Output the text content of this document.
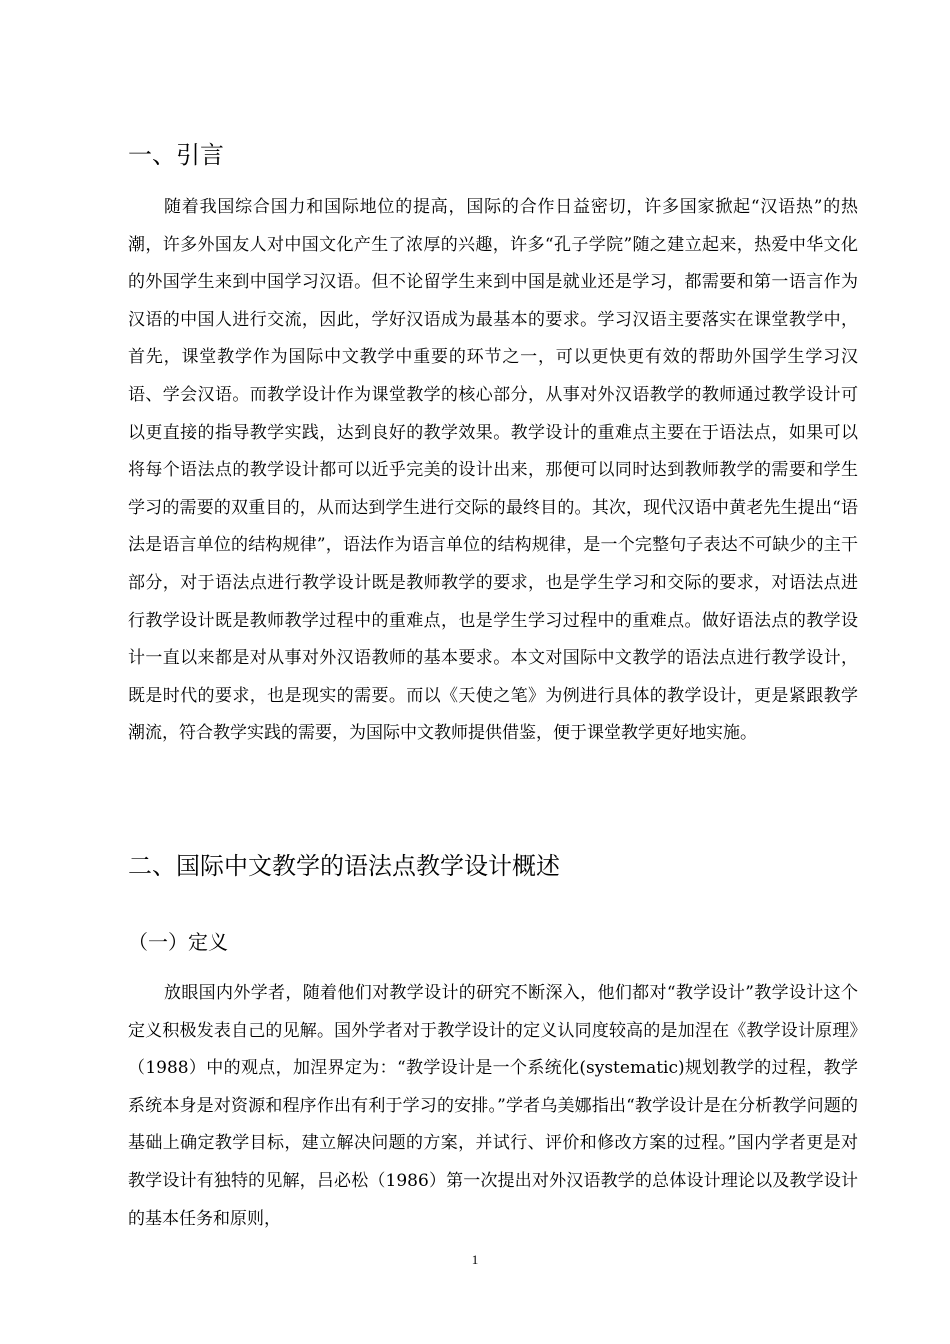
一、引言

随着我国综合国力和国际地位的提高，国际的合作日益密切，许多国家掀起“汉语热”的热潮，许多外国友人对中国文化产生了浓厚的兴趣，许多“孔子学院”随之建立起来，热爱中华文化的外国学生来到中国学习汉语。但不论留学生来到中国是就业还是学习，都需要和第一语言作为汉语的中国人进行交流，因此，学好汉语成为最基本的要求。学习汉语主要落实在课堂教学中，首先，课堂教学作为国际中文教学中重要的环节之一，可以更快更有效的帮助外国学生学习汉语、学会汉语。而教学设计作为课堂教学的核心部分，从事对外汉语教学的教师通过教学设计可以更直接的指导教学实践，达到良好的教学效果。教学设计的重难点主要在于语法点，如果可以将每个语法点的教学设计都可以近乎完美的设计出来，那便可以同时达到教师教学的需要和学生学习的需要的双重目的，从而达到学生进行交际的最终目的。其次，现代汉语中黄老先生提出“语法是语言单位的结构规律”，语法作为语言单位的结构规律，是一个完整句子表达不可缺少的主干部分，对于语法点进行教学设计既是教师教学的要求，也是学生学习和交际的要求，对语法点进行教学设计既是教师教学过程中的重难点，也是学生学习过程中的重难点。做好语法点的教学设计一直以来都是对从事对外汉语教师的基本要求。本文对国际中文教学的语法点进行教学设计，既是时代的要求，也是现实的需要。而以《天使之笔》为例进行具体的教学设计，更是紧跟教学潮流，符合教学实践的需要，为国际中文教师提供借鉴，便于课堂教学更好地实施。

二、国际中文教学的语法点教学设计概述
（一）定义

放眼国内外学者，随着他们对教学设计的研究不断深入，他们都对“教学设计”教学设计这个定义积极发表自己的见解。国外学者对于教学设计的定义认同度较高的是加涅在《教学设计原理》（1988）中的观点，加涅界定为：“教学设计是一个系统化(systematic)规划教学的过程，教学系统本身是对资源和程序作出有利于学习的安排。”学者乌美娜指出“教学设计是在分析教学问题的基础上确定教学目标，建立解决问题的方案，并试行、评价和修改方案的过程。”国内学者更是对教学设计有独特的见解，吕必松（1986）第一次提出对外汉语教学的总体设计理论以及教学设计的基本任务和原则，

1
